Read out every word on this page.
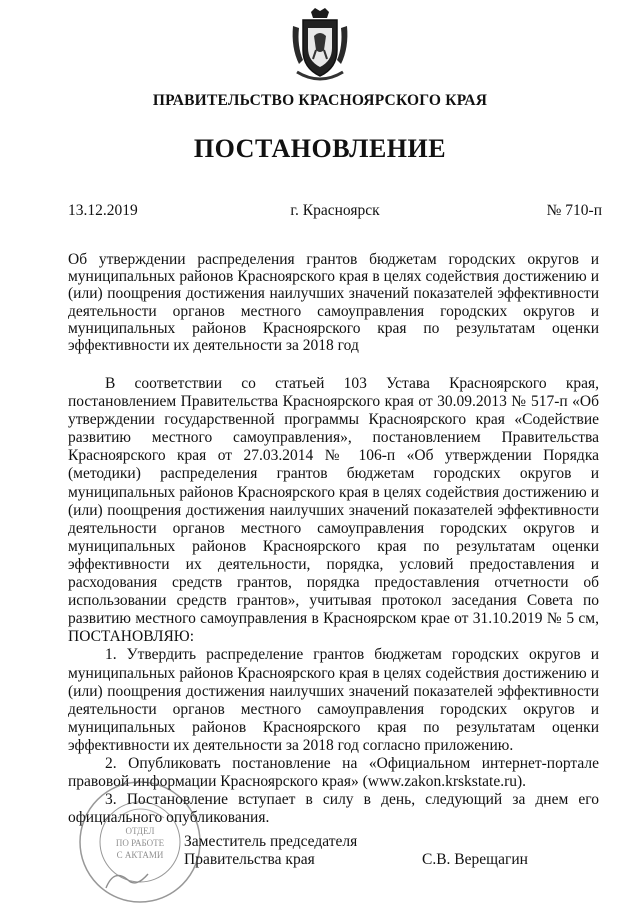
ПРАВИТЕЛЬСТВО КРАСНОЯРСКОГО КРАЯ
ПОСТАНОВЛЕНИЕ
13.12.2019	г. Красноярск	№ 710-п
Об утверждении распределения грантов бюджетам городских округов и муниципальных районов Красноярского края в целях содействия достижению и (или) поощрения достижения наилучших значений показателей эффективности деятельности органов местного самоуправления городских округов и муниципальных районов Красноярского края по результатам оценки эффективности их деятельности за 2018 год

В соответствии со статьей 103 Устава Красноярского края, постановлением Правительства Красноярского края от 30.09.2013 № 517-п «Об утверждении государственной программы Красноярского края «Содействие развитию местного самоуправления», постановлением Правительства Красноярского края от 27.03.2014 № 106-п «Об утверждении Порядка (методики) распределения грантов бюджетам городских округов и муниципальных районов Красноярского края в целях содействия достижению и (или) поощрения достижения наилучших значений показателей эффективности деятельности органов местного самоуправления городских округов и муниципальных районов Красноярского края по результатам оценки эффективности их деятельности, порядка, условий предоставления и расходования средств грантов, порядка предоставления отчетности об использовании средств грантов», учитывая протокол заседания Совета по развитию местного самоуправления в Красноярском крае от 31.10.2019 № 5 см, ПОСТАНОВЛЯЮ:

1. Утвердить распределение грантов бюджетам городских округов и муниципальных районов Красноярского края в целях содействия достижению и (или) поощрения достижения наилучших значений показателей эффективности деятельности органов местного самоуправления городских округов и муниципальных районов Красноярского края по результатам оценки эффективности их деятельности за 2018 год согласно приложению.

2. Опубликовать постановление на «Официальном интернет-портале правовой информации Красноярского края» (www.zakon.krskstate.ru).

3. Постановление вступает в силу в день, следующий за днем его официального опубликования.

ОТДЕЛ
ПО РАБОТЕ
С АКТАМИ
Заместитель председателя
Правительства края	С.В. Верещагин
